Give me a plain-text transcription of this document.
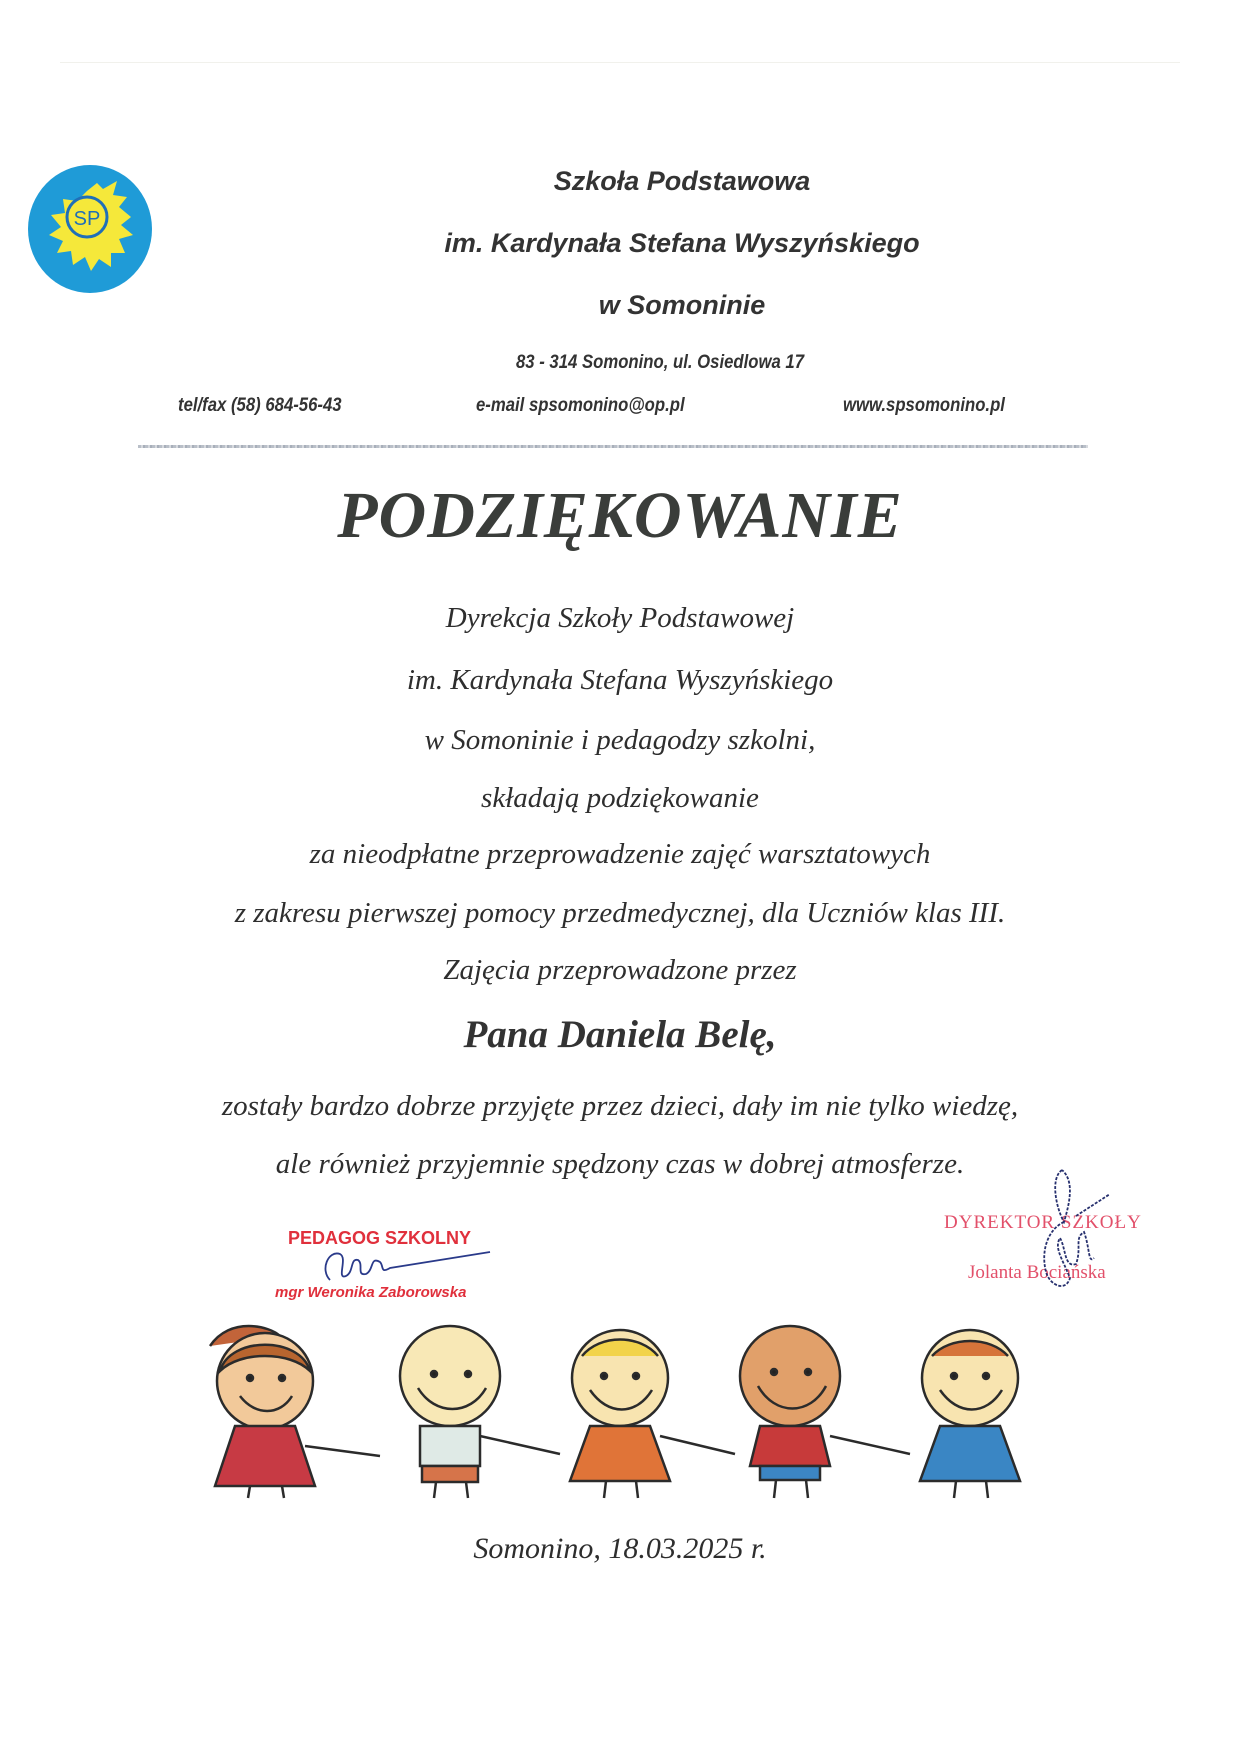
SP
Szkoła Podstawowa
im. Kardynała Stefana Wyszyńskiego
w Somoninie
83 - 314 Somonino, ul. Osiedlowa 17
tel/fax (58) 684-56-43	e-mail spsomonino@op.pl	www.spsomonino.pl
PODZIĘKOWANIE
Dyrekcja Szkoły Podstawowej
im. Kardynała Stefana Wyszyńskiego
w Somoninie i pedagodzy szkolni,
składają podziękowanie
za nieodpłatne przeprowadzenie zajęć warsztatowych
z zakresu pierwszej pomocy przedmedycznej, dla Uczniów klas III.
Zajęcia przeprowadzone przez
Pana Daniela Belę,
zostały bardzo dobrze przyjęte przez dzieci, dały im nie tylko wiedzę,
ale również przyjemnie spędzony czas w dobrej atmosferze.
PEDAGOG SZKOLNY
mgr Weronika Zaborowska
DYREKTOR SZKOŁY
Jolanta Bociańska
Somonino, 18.03.2025 r.
